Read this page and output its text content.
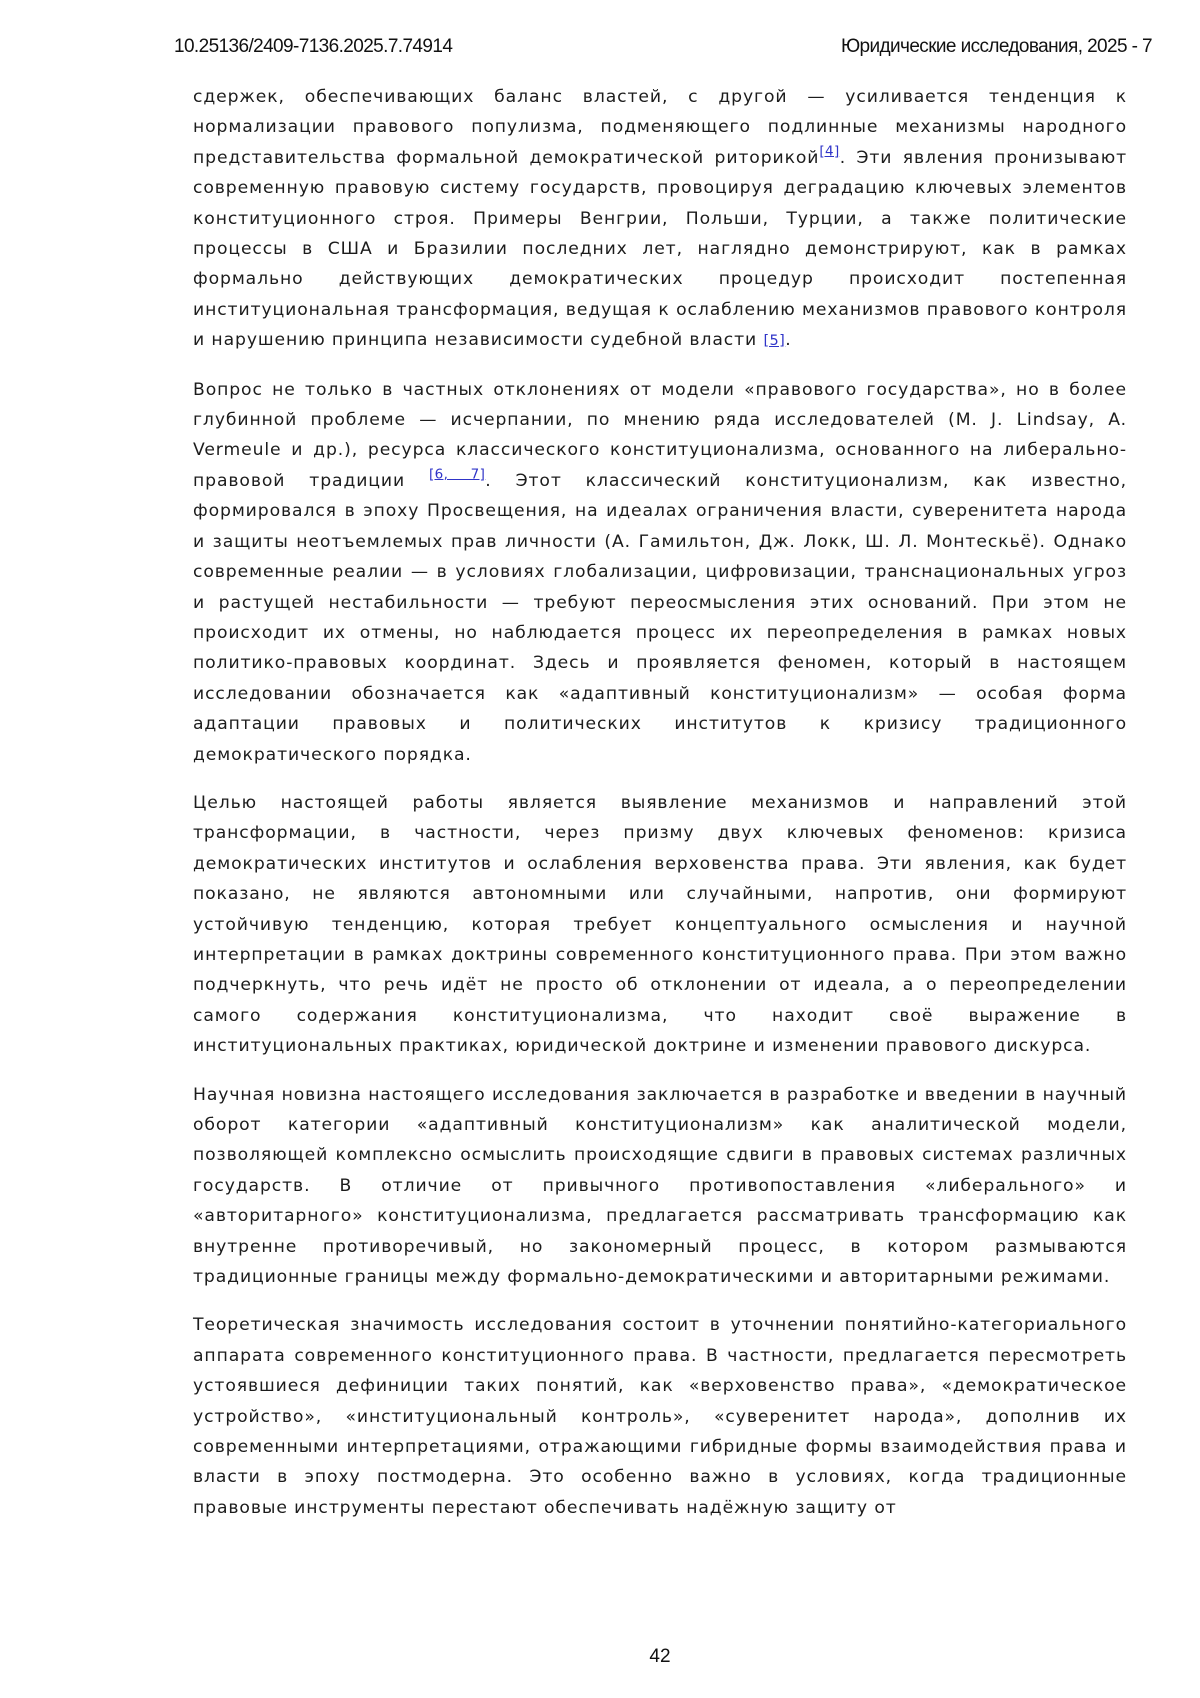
10.25136/2409-7136.2025.7.74914	Юридические исследования, 2025 - 7

сдержек, обеспечивающих баланс властей, с другой — усиливается тенденция к нормализации правового популизма, подменяющего подлинные механизмы народного представительства формальной демократической риторикой[4]. Эти явления пронизывают современную правовую систему государств, провоцируя деградацию ключевых элементов конституционного строя. Примеры Венгрии, Польши, Турции, а также политические процессы в США и Бразилии последних лет, наглядно демонстрируют, как в рамках формально действующих демократических процедур происходит постепенная институциональная трансформация, ведущая к ослаблению механизмов правового контроля и нарушению принципа независимости судебной власти [5].

Вопрос не только в частных отклонениях от модели «правового государства», но в более глубинной проблеме — исчерпании, по мнению ряда исследователей (M. J. Lindsay, A. Vermeule и др.), ресурса классического конституционализма, основанного на либерально-правовой традиции [6, 7]. Этот классический конституционализм, как известно, формировался в эпоху Просвещения, на идеалах ограничения власти, суверенитета народа и защиты неотъемлемых прав личности (А. Гамильтон, Дж. Локк, Ш. Л. Монтескьё). Однако современные реалии — в условиях глобализации, цифровизации, транснациональных угроз и растущей нестабильности — требуют переосмысления этих оснований. При этом не происходит их отмены, но наблюдается процесс их переопределения в рамках новых политико-правовых координат. Здесь и проявляется феномен, который в настоящем исследовании обозначается как «адаптивный конституционализм» — особая форма адаптации правовых и политических институтов к кризису традиционного демократического порядка.

Целью настоящей работы является выявление механизмов и направлений этой трансформации, в частности, через призму двух ключевых феноменов: кризиса демократических институтов и ослабления верховенства права. Эти явления, как будет показано, не являются автономными или случайными, напротив, они формируют устойчивую тенденцию, которая требует концептуального осмысления и научной интерпретации в рамках доктрины современного конституционного права. При этом важно подчеркнуть, что речь идёт не просто об отклонении от идеала, а о переопределении самого содержания конституционализма, что находит своё выражение в институциональных практиках, юридической доктрине и изменении правового дискурса.

Научная новизна настоящего исследования заключается в разработке и введении в научный оборот категории «адаптивный конституционализм» как аналитической модели, позволяющей комплексно осмыслить происходящие сдвиги в правовых системах различных государств. В отличие от привычного противопоставления «либерального» и «авторитарного» конституционализма, предлагается рассматривать трансформацию как внутренне противоречивый, но закономерный процесс, в котором размываются традиционные границы между формально-демократическими и авторитарными режимами.

Теоретическая значимость исследования состоит в уточнении понятийно-категориального аппарата современного конституционного права. В частности, предлагается пересмотреть устоявшиеся дефиниции таких понятий, как «верховенство права», «демократическое устройство», «институциональный контроль», «суверенитет народа», дополнив их современными интерпретациями, отражающими гибридные формы взаимодействия права и власти в эпоху постмодерна. Это особенно важно в условиях, когда традиционные правовые инструменты перестают обеспечивать надёжную защиту от

42
